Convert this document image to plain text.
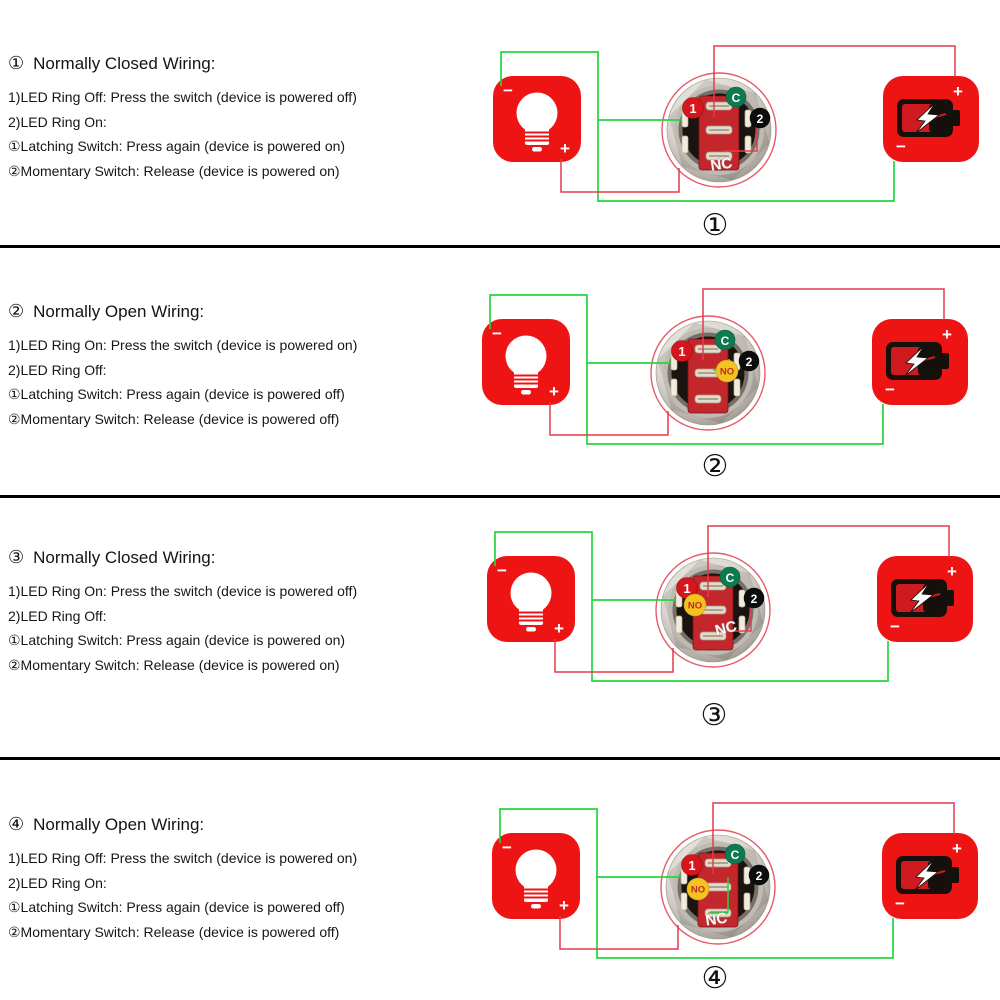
① Normally Closed Wiring:
1)LED Ring Off: Press the switch (device is powered off)
2)LED Ring On:
①Latching Switch: Press again (device is powered on)
②Momentary Switch: Release (device is powered on)
−
+
+
−
1
C
2
NC
①
② Normally Open Wiring:
1)LED Ring On: Press the switch (device is powered on)
2)LED Ring Off:
①Latching Switch: Press again (device is powered off)
②Momentary Switch: Release (device is powered off)
−
+
+
−
1
C
2
NO
②
③ Normally Closed Wiring:
1)LED Ring On: Press the switch (device is powered off)
2)LED Ring Off:
①Latching Switch: Press again (device is powered on)
②Momentary Switch: Release (device is powered on)
−
+
+
−
1
C
2
NO
NC
③
④ Normally Open Wiring:
1)LED Ring Off: Press the switch (device is powered on)
2)LED Ring On:
①Latching Switch: Press again (device is powered off)
②Momentary Switch: Release (device is powered off)
−
+
+
−
1
C
2
NO
NC
④
